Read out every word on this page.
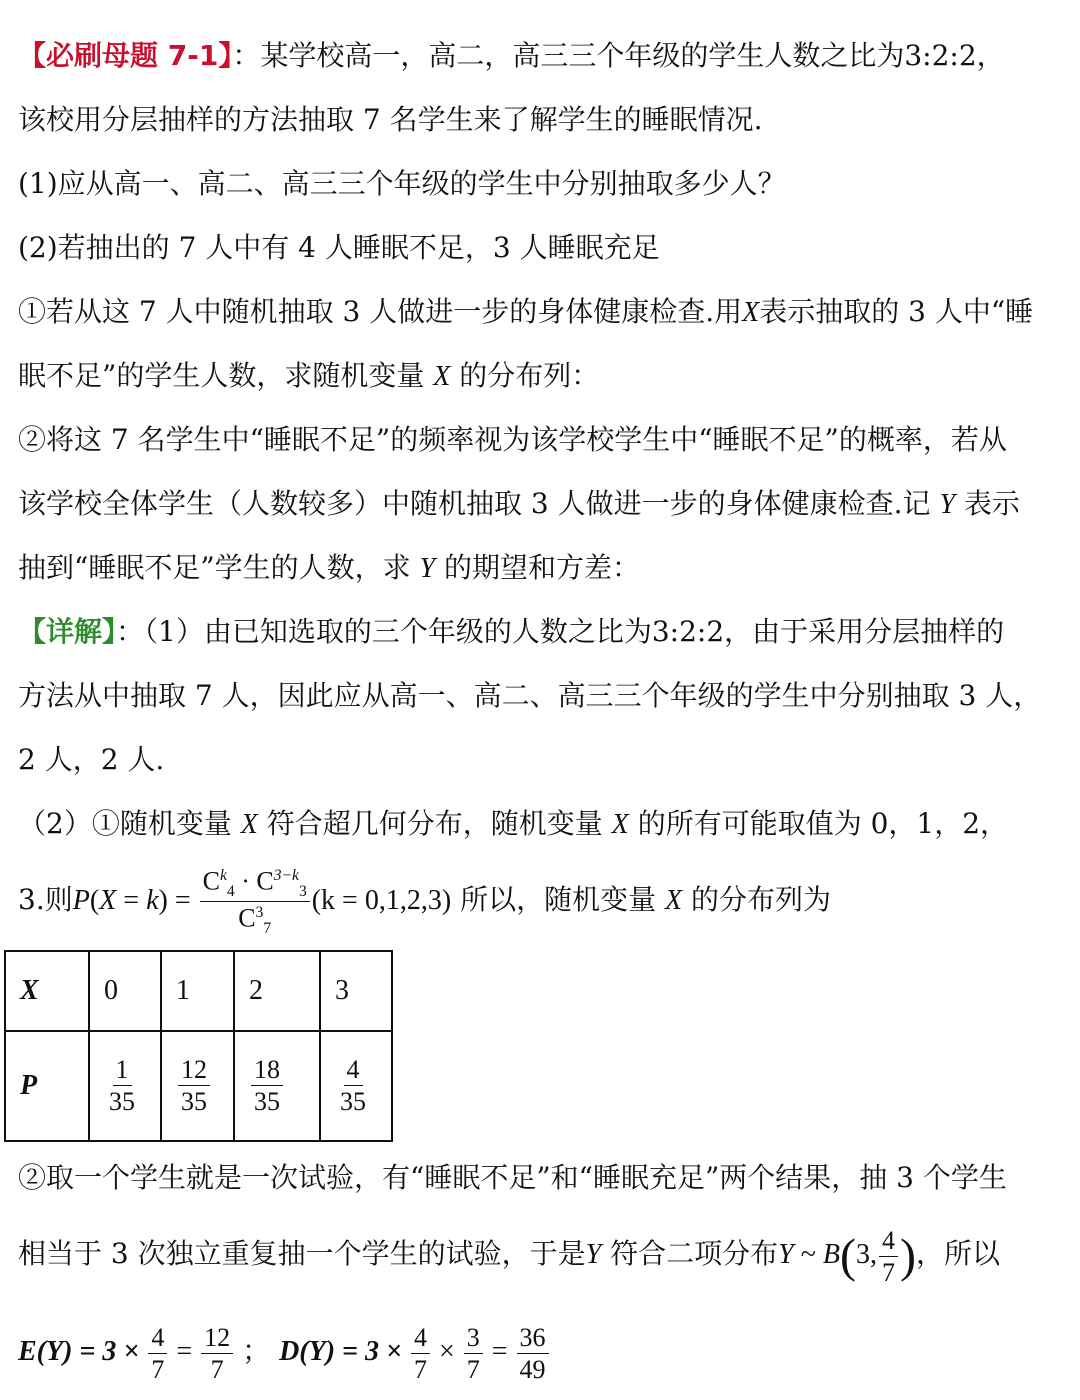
【必刷母题 7-1】：某学校高一，高二，高三三个年级的学生人数之比为3:2:2，
该校用分层抽样的方法抽取 7 名学生来了解学生的睡眠情况.
(1)应从高一、高二、高三三个年级的学生中分别抽取多少人？
(2)若抽出的 7 人中有 4 人睡眠不足，3 人睡眠充足
①若从这 7 人中随机抽取 3 人做进一步的身体健康检查.用X表示抽取的 3 人中“睡
眠不足”的学生人数，求随机变量 X 的分布列：
②将这 7 名学生中“睡眠不足”的频率视为该学校学生中“睡眠不足”的概率，若从
该学校全体学生（人数较多）中随机抽取 3 人做进一步的身体健康检查.记 Y 表示
抽到“睡眠不足”学生的人数，求 Y 的期望和方差：
【详解】：（1）由已知选取的三个年级的人数之比为3:2:2，由于采用分层抽样的
方法从中抽取 7 人，因此应从高一、高二、高三三个年级的学生中分别抽取 3 人，
2 人，2 人.
（2）①随机变量 X 符合超几何分布，随机变量 X 的所有可能取值为 0，1，2，
3.则$P(X = k) = \frac{C^k_4 \cdot C^{3-k}_3}{C^3_7} (k = 0,1,2,3)$ 所以，随机变量 X 的分布列为
X	0	1	2	3
P	$\frac{1}{35}$	$\frac{12}{35}$	$\frac{18}{35}$	$\frac{4}{35}$
②取一个学生就是一次试验，有“睡眠不足”和“睡眠充足”两个结果，抽 3 个学生
相当于 3 次独立重复抽一个学生的试验，于是Y 符合二项分布Y ~ B(3, $\frac{4}{7}$ )，所以
$E(Y) = 3 \times \frac{4}{7} = \frac{12}{7}$ ； $D(Y) = 3 \times \frac{4}{7} \times \frac{3}{7} = \frac{36}{49}$
